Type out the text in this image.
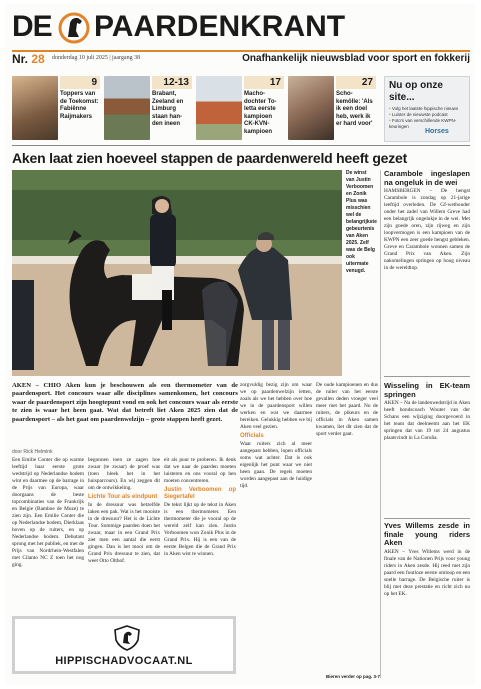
DE PAARDENKRANT
Nr. 28 donderdag 10 juli 2025 | jaargang 38	Onafhankelijk nieuwsblad voor sport en fokkerij
9
Toppers van de Toekomst: Fabiënne Raijmakers
12-13
Brabant, Zeeland en Limburg staan han-den ineen
17
Macho-dochter To-letta eerste kampioen CK-KVN-kampioen
27
Scho-kemölle: 'Als ik een doel heb, werk ik er hard voor'
Nu op onze site...
• Volg het laatste hippische nieuws
• Luister de nieuwste podcast
• Foto's van verschillende KWPN-keuringen
Horses
Aken laat zien hoeveel stappen de paardenwereld heeft gezet
De winst van Justin Verboomen en Zonik Plus was misschien wel de belangrijkste gebeurtenis van Aken 2025. Zelf was de Belg ook uitermate venugd.
AKEN – CHIO Aken kun je beschouwen als een thermometer van de paardensport. Het concours waar alle disciplines samenkomen, het concours waar de paardensport zijn hoogtepunt vond en ook het concours waar als eerste te zien is waar het heen gaat. Wat dat betreft liet Aken 2025 zien dat de paardensport – als het gaat om paardenwelzijn – grote stappen heeft gezet.
door Rick Helmink

Een Emilie Conter die op warme leeftijd haar eerste grote wedstrijd op Nederlandse bodem wint en daarmee op de barrage in de Prijs van Europa, waar doorgaans de beste topcombinaties van de Frankrijk en Belgie (Bamboe de Muze) te zien zijn. Een Emilie Conter die op Nederlandse bodem, Dierklaas boven op de ruiters, en op Nederlandse bodem. Debutant sprong met het publiek, en met de Prijs van Nordrhein-Westfalen met Cilanto NC Z toen het nog ging.

begonnen toen ze zagen hoe zwaar (te zwaar) de proef was (toen bleek het in het huisparcours). En wij zeggen dit om de ontwikkeling.

Lichte Tour als eindpunt

In de dressuur was hetzelfde laken een pak. Wat is het mooiste in de dressuur? Het is de Lichte Tour. Sommige paarden doen het zwaar, maar in een Grand Prix ziet men een aantal die eerst gingen. Dan is het mooi om de Grand Prix dressuur te zien, dat weet Otto Olthof.

eit als puur te proberen. Ik denk dat we naar de paarden moeten luisteren en ons vooral op hen moeten concentreren.

Justin Verboomen op Siegertafel

De tekst lijkt op de tekst in Aken is een thermometer. Een thermometer die je vooral op de wereld zelf kan zien. Justin Verboomen won Zonik Plus in de Grand Prix. Hij is een van de eerste Belgen die de Grand Prix in Aken wist te winnen.

zorgvuldig bezig zijn om waar we op paardenwelzijn letten, zoals als we het hebben over hoe we in de paardensport willen werken en wat we daarmee bereiken. Gelukkig hebben we bij Aken veel gezien.

Officials

Waar ruiters zich al meer aangepast hebben, lopen officials soms wat achter. Dat is ook eigenlijk het punt waar we niet heen gaan. De regels moeten worden aangepast aan de huidige tijd.

De oude kampioenen en dus de ruiter van het eerste gevallen deden vroeger veel meer met het paard. Nu de ruiters, de pikeurs en de officials in Aken samen kwamen, liet dit zien dat de sport verder gaat.

Bieren verder op pag. 3-7
HIPPISCHADVOCAAT.NL
Carambole ingeslapen na ongeluk in de wei

HAMSBERGEN – De hengst Carambole is zondag op 21-jarige leeftijd overleden. De Gf-wethouder onder het zadel van Willem Greve had een belangrijk ongelukje in de wei. Met zijn goede oren, zijn rijweg en zijn loopvermogen is een kampioen van de KWPN een zeer goede hengst gebleken. Greve en Carambole wonnen samen de Grand Prix van Aken. Zijn nakomelingen springen op hoog niveau in de wereldtop.

Wisseling in EK-team springen

AKEN – Na de landenwedstrijd in Aken heeft bondscoach Wouter van der Schans een wijziging doorgevoerd in het team dat deelneemt aan het EK springen dat van 19 tot 24 augustus plaatsvindt in La Coruña.

Yves Willems zesde in finale young riders Aken

AKEN – Yves Willems werd in de finale van de Nationen Prijs voor young riders in Aken zesde. Hij reed met zijn paard een foutloze eerste omloop en een snelle barrage. De Belgische ruiter is blij met deze prestatie en richt zich nu op het EK.
